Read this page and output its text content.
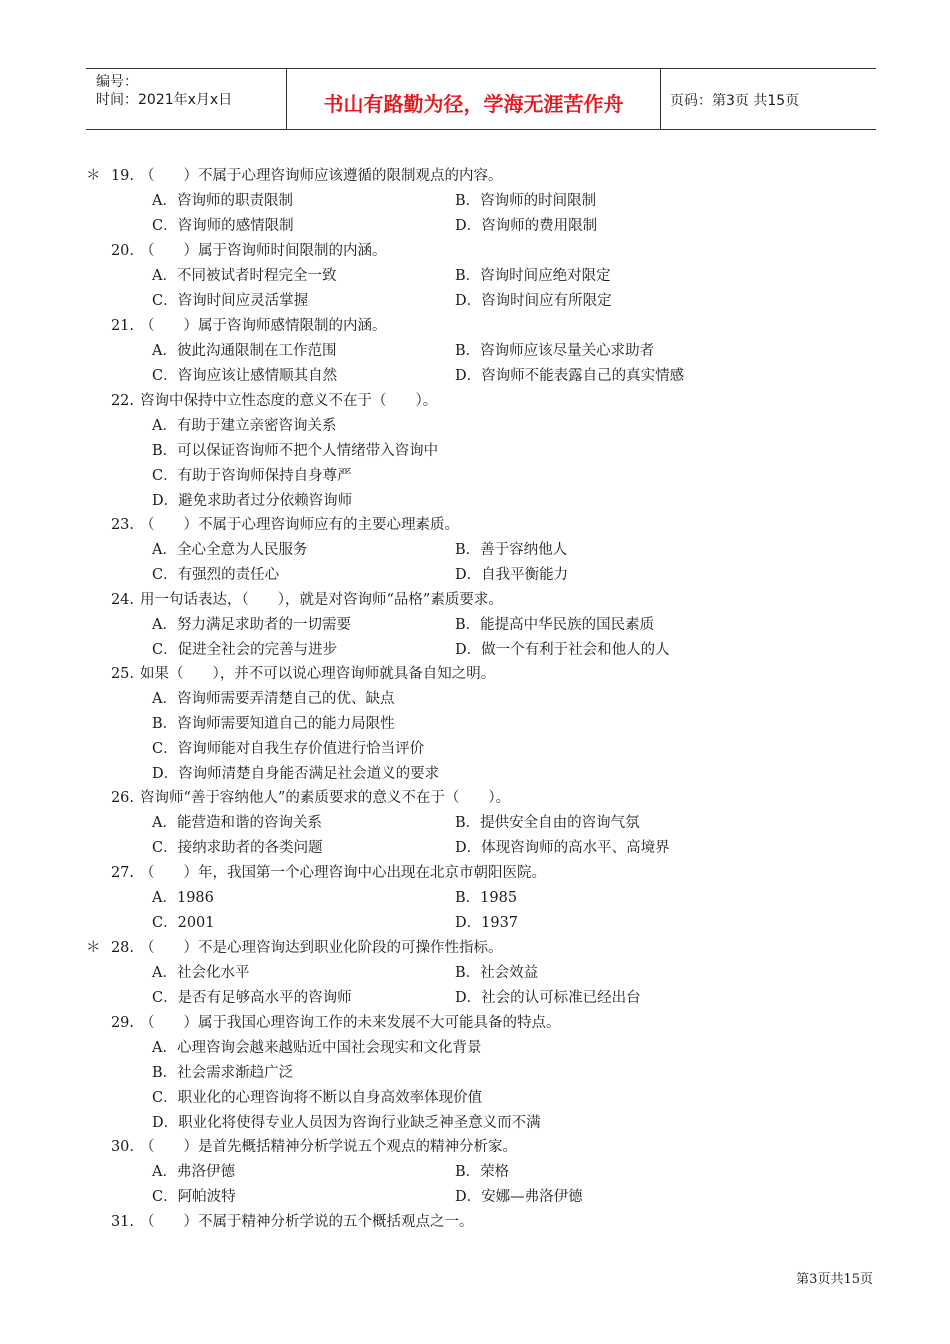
编号：
时间：2021年x月x日	书山有路勤为径，学海无涯苦作舟	页码：第3页 共15页
＊ 19. （　　）不属于心理咨询师应该遵循的限制观点的内容。
A．咨询师的职责限制	B．咨询师的时间限制
C．咨询师的感情限制	D．咨询师的费用限制
20. （　　）属于咨询师时间限制的内涵。
A．不同被试者时程完全一致	B．咨询时间应绝对限定
C．咨询时间应灵活掌握	D．咨询时间应有所限定
21. （　　）属于咨询师感情限制的内涵。
A．彼此沟通限制在工作范围	B．咨询师应该尽量关心求助者
C．咨询应该让感情顺其自然	D．咨询师不能表露自己的真实情感
22. 咨询中保持中立性态度的意义不在于（　　）。
A．有助于建立亲密咨询关系
B．可以保证咨询师不把个人情绪带入咨询中
C．有助于咨询师保持自身尊严
D．避免求助者过分依赖咨询师
23. （　　）不属于心理咨询师应有的主要心理素质。
A．全心全意为人民服务	B．善于容纳他人
C．有强烈的责任心	D．自我平衡能力
24. 用一句话表达，（　　），就是对咨询师“品格”素质要求。
A．努力满足求助者的一切需要	B．能提高中华民族的国民素质
C．促进全社会的完善与进步	D．做一个有利于社会和他人的人
25. 如果（　　），并不可以说心理咨询师就具备自知之明。
A．咨询师需要弄清楚自己的优、缺点
B．咨询师需要知道自己的能力局限性
C．咨询师能对自我生存价值进行恰当评价
D．咨询师清楚自身能否满足社会道义的要求
26. 咨询师“善于容纳他人”的素质要求的意义不在于（　　）。
A．能营造和谐的咨询关系	B．提供安全自由的咨询气氛
C．接纳求助者的各类问题	D．体现咨询师的高水平、高境界
27. （　　）年，我国第一个心理咨询中心出现在北京市朝阳医院。
A．1986	B．1985
C．2001	D．1937
＊ 28. （　　）不是心理咨询达到职业化阶段的可操作性指标。
A．社会化水平	B．社会效益
C．是否有足够高水平的咨询师	D．社会的认可标准已经出台
29. （　　）属于我国心理咨询工作的未来发展不大可能具备的特点。
A．心理咨询会越来越贴近中国社会现实和文化背景
B．社会需求渐趋广泛
C．职业化的心理咨询将不断以自身高效率体现价值
D．职业化将使得专业人员因为咨询行业缺乏神圣意义而不满
30. （　　）是首先概括精神分析学说五个观点的精神分析家。
A．弗洛伊德	B．荣格
C．阿帕波特	D．安娜—弗洛伊德
31. （　　）不属于精神分析学说的五个概括观点之一。
第3页共15页
